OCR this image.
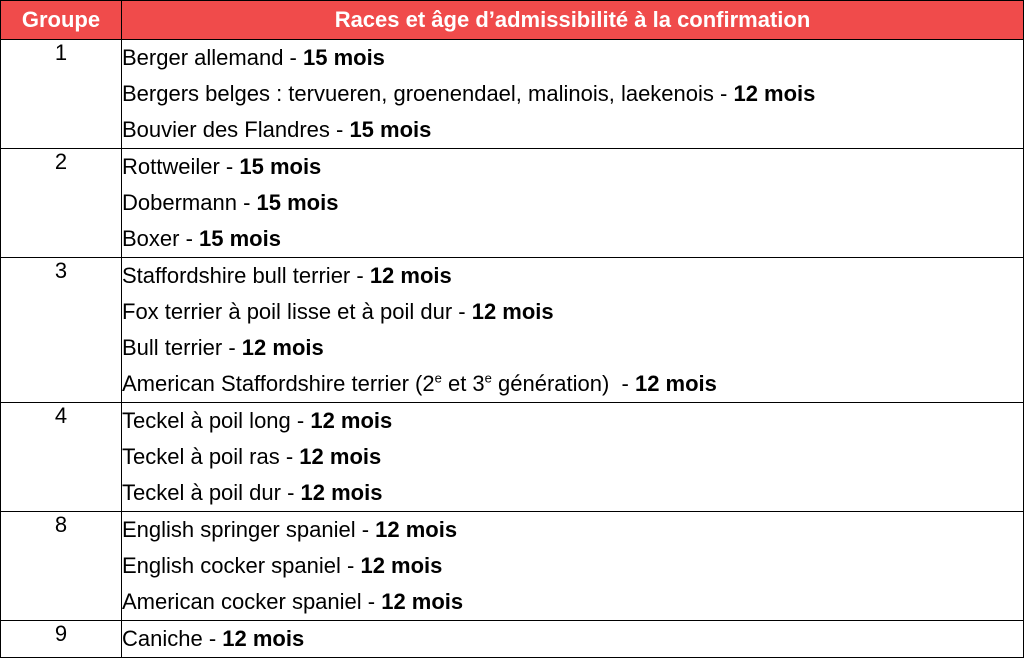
Groupe	Races et âge d’admissibilité à la confirmation
1	Berger allemand - 15 mois
Bergers belges : tervueren, groenendael, malinois, laekenois - 12 mois
Bouvier des Flandres - 15 mois

2	Rottweiler - 15 mois
Dobermann - 15 mois
Boxer - 15 mois

3	Staffordshire bull terrier - 12 mois
Fox terrier à poil lisse et à poil dur - 12 mois
Bull terrier - 12 mois
American Staffordshire terrier (2e et 3e génération)  - 12 mois

4	Teckel à poil long - 12 mois
Teckel à poil ras - 12 mois
Teckel à poil dur - 12 mois

8	English springer spaniel - 12 mois
English cocker spaniel - 12 mois
American cocker spaniel - 12 mois

9	Caniche - 12 mois
